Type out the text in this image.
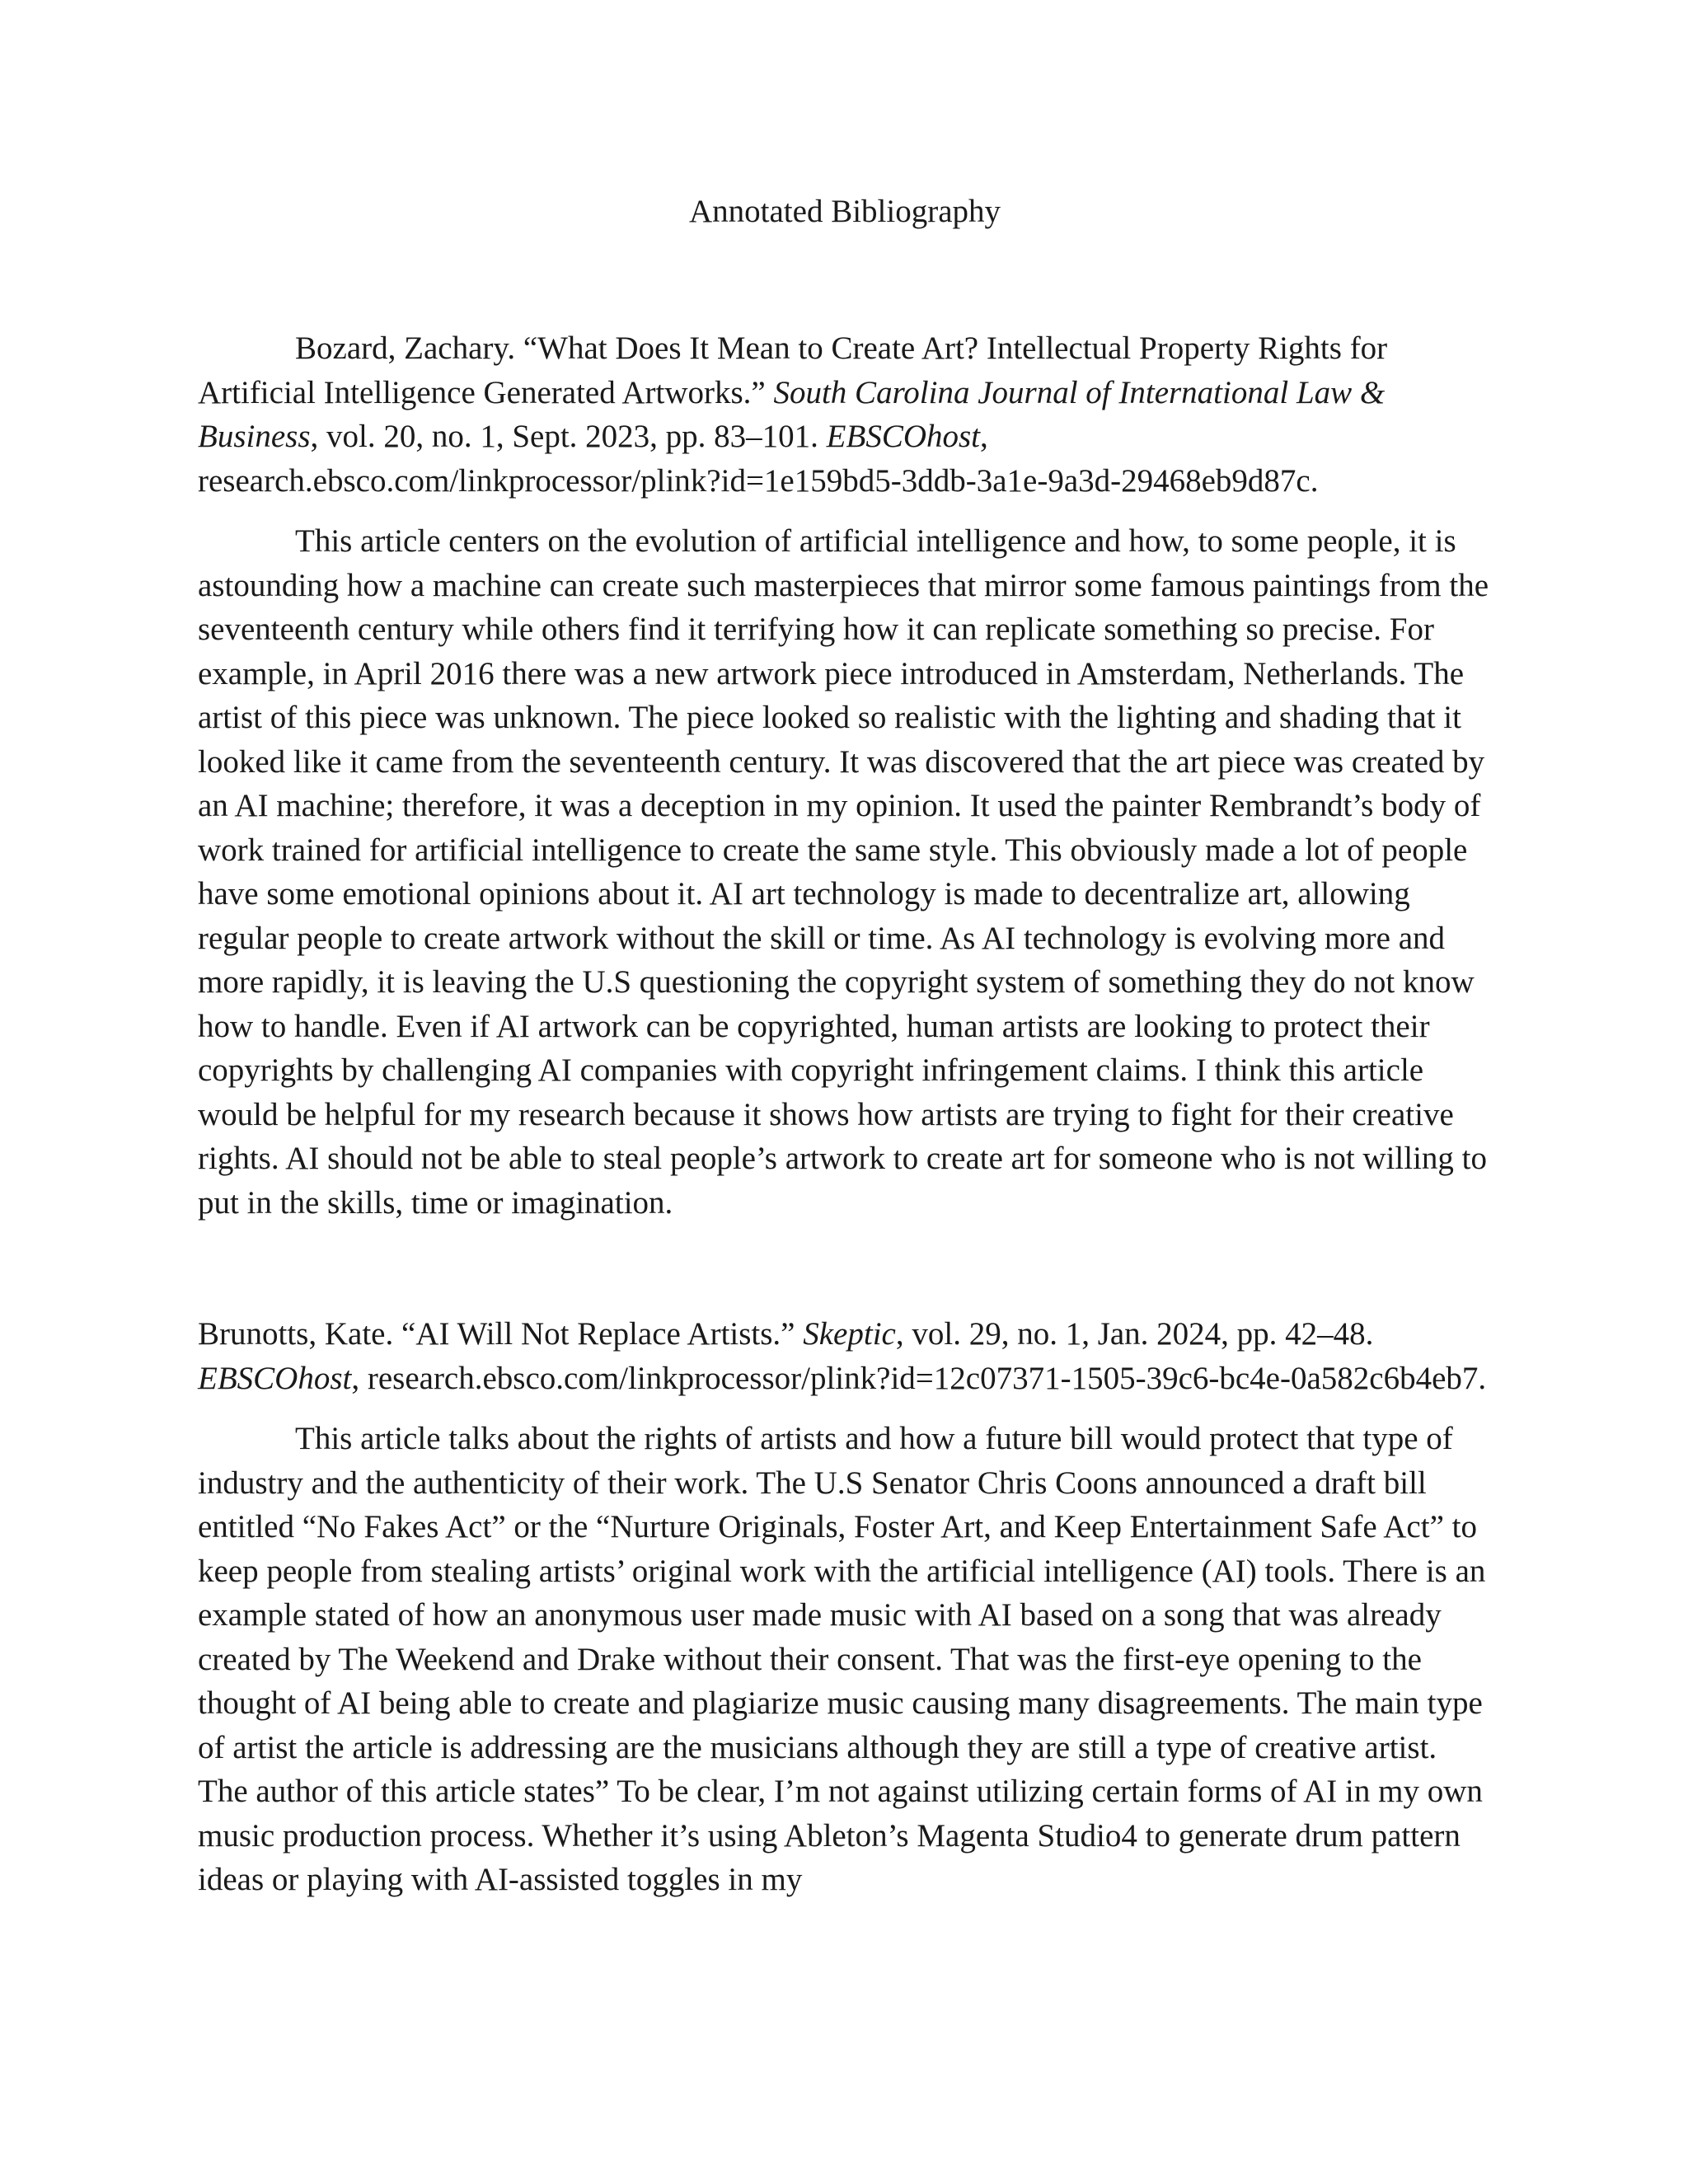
Annotated Bibliography

Bozard, Zachary. “What Does It Mean to Create Art? Intellectual Property Rights for Artificial Intelligence Generated Artworks.” South Carolina Journal of International Law & Business, vol. 20, no. 1, Sept. 2023, pp. 83–101. EBSCOhost, research.ebsco.com/linkprocessor/plink?id=1e159bd5-3ddb-3a1e-9a3d-29468eb9d87c.

This article centers on the evolution of artificial intelligence and how, to some people, it is astounding how a machine can create such masterpieces that mirror some famous paintings from the seventeenth century while others find it terrifying how it can replicate something so precise. For example, in April 2016 there was a new artwork piece introduced in Amsterdam, Netherlands. The artist of this piece was unknown. The piece looked so realistic with the lighting and shading that it looked like it came from the seventeenth century. It was discovered that the art piece was created by an AI machine; therefore, it was a deception in my opinion. It used the painter Rembrandt’s body of work trained for artificial intelligence to create the same style. This obviously made a lot of people have some emotional opinions about it. AI art technology is made to decentralize art, allowing regular people to create artwork without the skill or time. As AI technology is evolving more and more rapidly, it is leaving the U.S questioning the copyright system of something they do not know how to handle. Even if AI artwork can be copyrighted, human artists are looking to protect their copyrights by challenging AI companies with copyright infringement claims. I think this article would be helpful for my research because it shows how artists are trying to fight for their creative rights. AI should not be able to steal people’s artwork to create art for someone who is not willing to put in the skills, time or imagination.

Brunotts, Kate. “AI Will Not Replace Artists.” Skeptic, vol. 29, no. 1, Jan. 2024, pp. 42–48. EBSCOhost, research.ebsco.com/linkprocessor/plink?id=12c07371-1505-39c6-bc4e-0a582c6b4eb7.

This article talks about the rights of artists and how a future bill would protect that type of industry and the authenticity of their work. The U.S Senator Chris Coons announced a draft bill entitled “No Fakes Act” or the “Nurture Originals, Foster Art, and Keep Entertainment Safe Act” to keep people from stealing artists’ original work with the artificial intelligence (AI) tools. There is an example stated of how an anonymous user made music with AI based on a song that was already created by The Weekend and Drake without their consent. That was the first-eye opening to the thought of AI being able to create and plagiarize music causing many disagreements. The main type of artist the article is addressing are the musicians although they are still a type of creative artist. The author of this article states” To be clear, I’m not against utilizing certain forms of AI in my own music production process. Whether it’s using Ableton’s Magenta Studio4 to generate drum pattern ideas or playing with AI-assisted toggles in my
